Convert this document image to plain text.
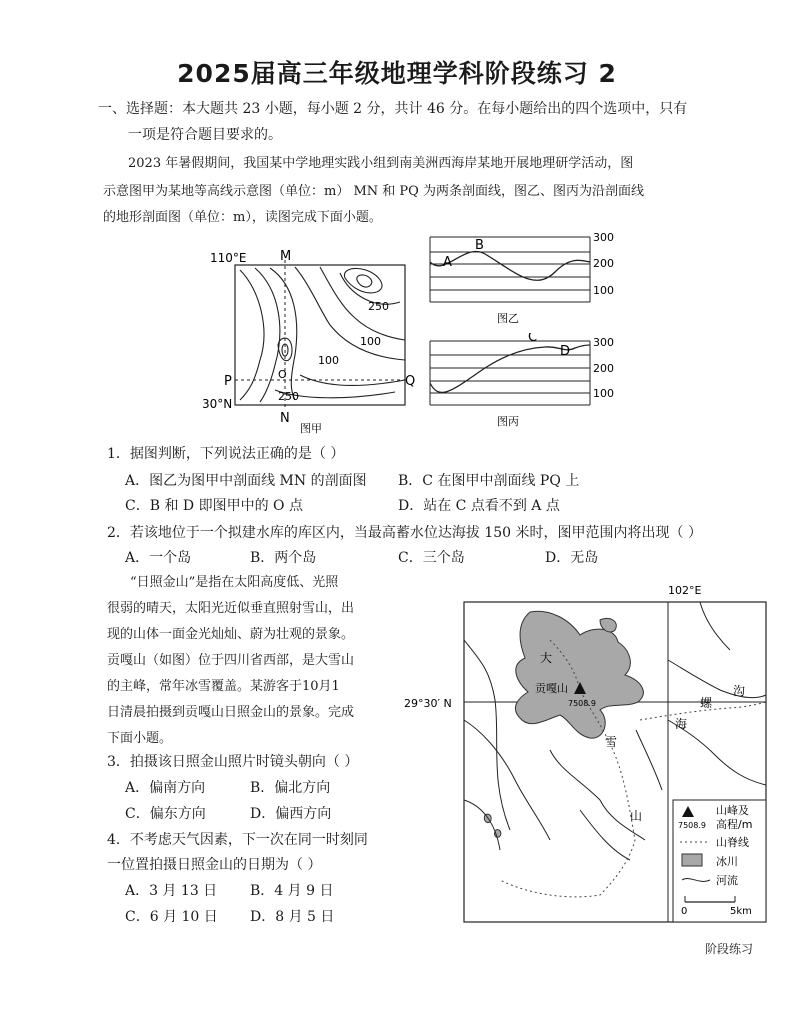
2025届高三年级地理学科阶段练习 2
一、选择题：本大题共 23 小题，每小题 2 分，共计 46 分。在每小题给出的四个选项中，只有
一项是符合题目要求的。
2023 年暑假期间，我国某中学地理实践小组到南美洲西海岸某地开展地理研学活动，图
示意图甲为某地等高线示意图（单位：m） MN 和 PQ 为两条剖面线，图乙、图丙为沿剖面线
的地形剖面图（单位：m），读图完成下面小题。
110°E	M
N
P	Q
O
30°N
250
100
100
250
图甲
A
B
300
200
100
图乙
C
D
300
200
100
图丙
1．据图判断，下列说法正确的是（ ）
A．图乙为图甲中剖面线 MN 的剖面图 B．C 在图甲中剖面线 PQ 上
C．B 和 D 即图甲中的 O 点	D．站在 C 点看不到 A 点
2．若该地位于一个拟建水库的库区内，当最高蓄水位达海拔 150 米时，图甲范围内将出现（ ）
A．一个岛	B．两个岛	C．三个岛	D．无岛
“日照金山”是指在太阳高度低、光照
很弱的晴天，太阳光近似垂直照射雪山，出
现的山体一面金光灿灿、蔚为壮观的景象。
贡嘎山（如图）位于四川省西部，是大雪山
的主峰，常年冰雪覆盖。某游客于10月1
日清晨拍摄到贡嘎山日照金山的景象。完成
下面小题。
3．拍摄该日照金山照片时镜头朝向（ ）
A．偏南方向	B．偏北方向
C．偏东方向	D．偏西方向
4．不考虑天气因素，下一次在同一时刻同
一位置拍摄日照金山的日期为（ ）
A．3 月 13 日 B．4 月 9 日
C．6 月 10 日 D．8 月 5 日
102°E
29°30′ N
贡嘎山
7508.9
大
雪
山
海
螺
沟
7508.9
山峰及
高程/m
山脊线
冰川
河流
0	5km
阶段练习
